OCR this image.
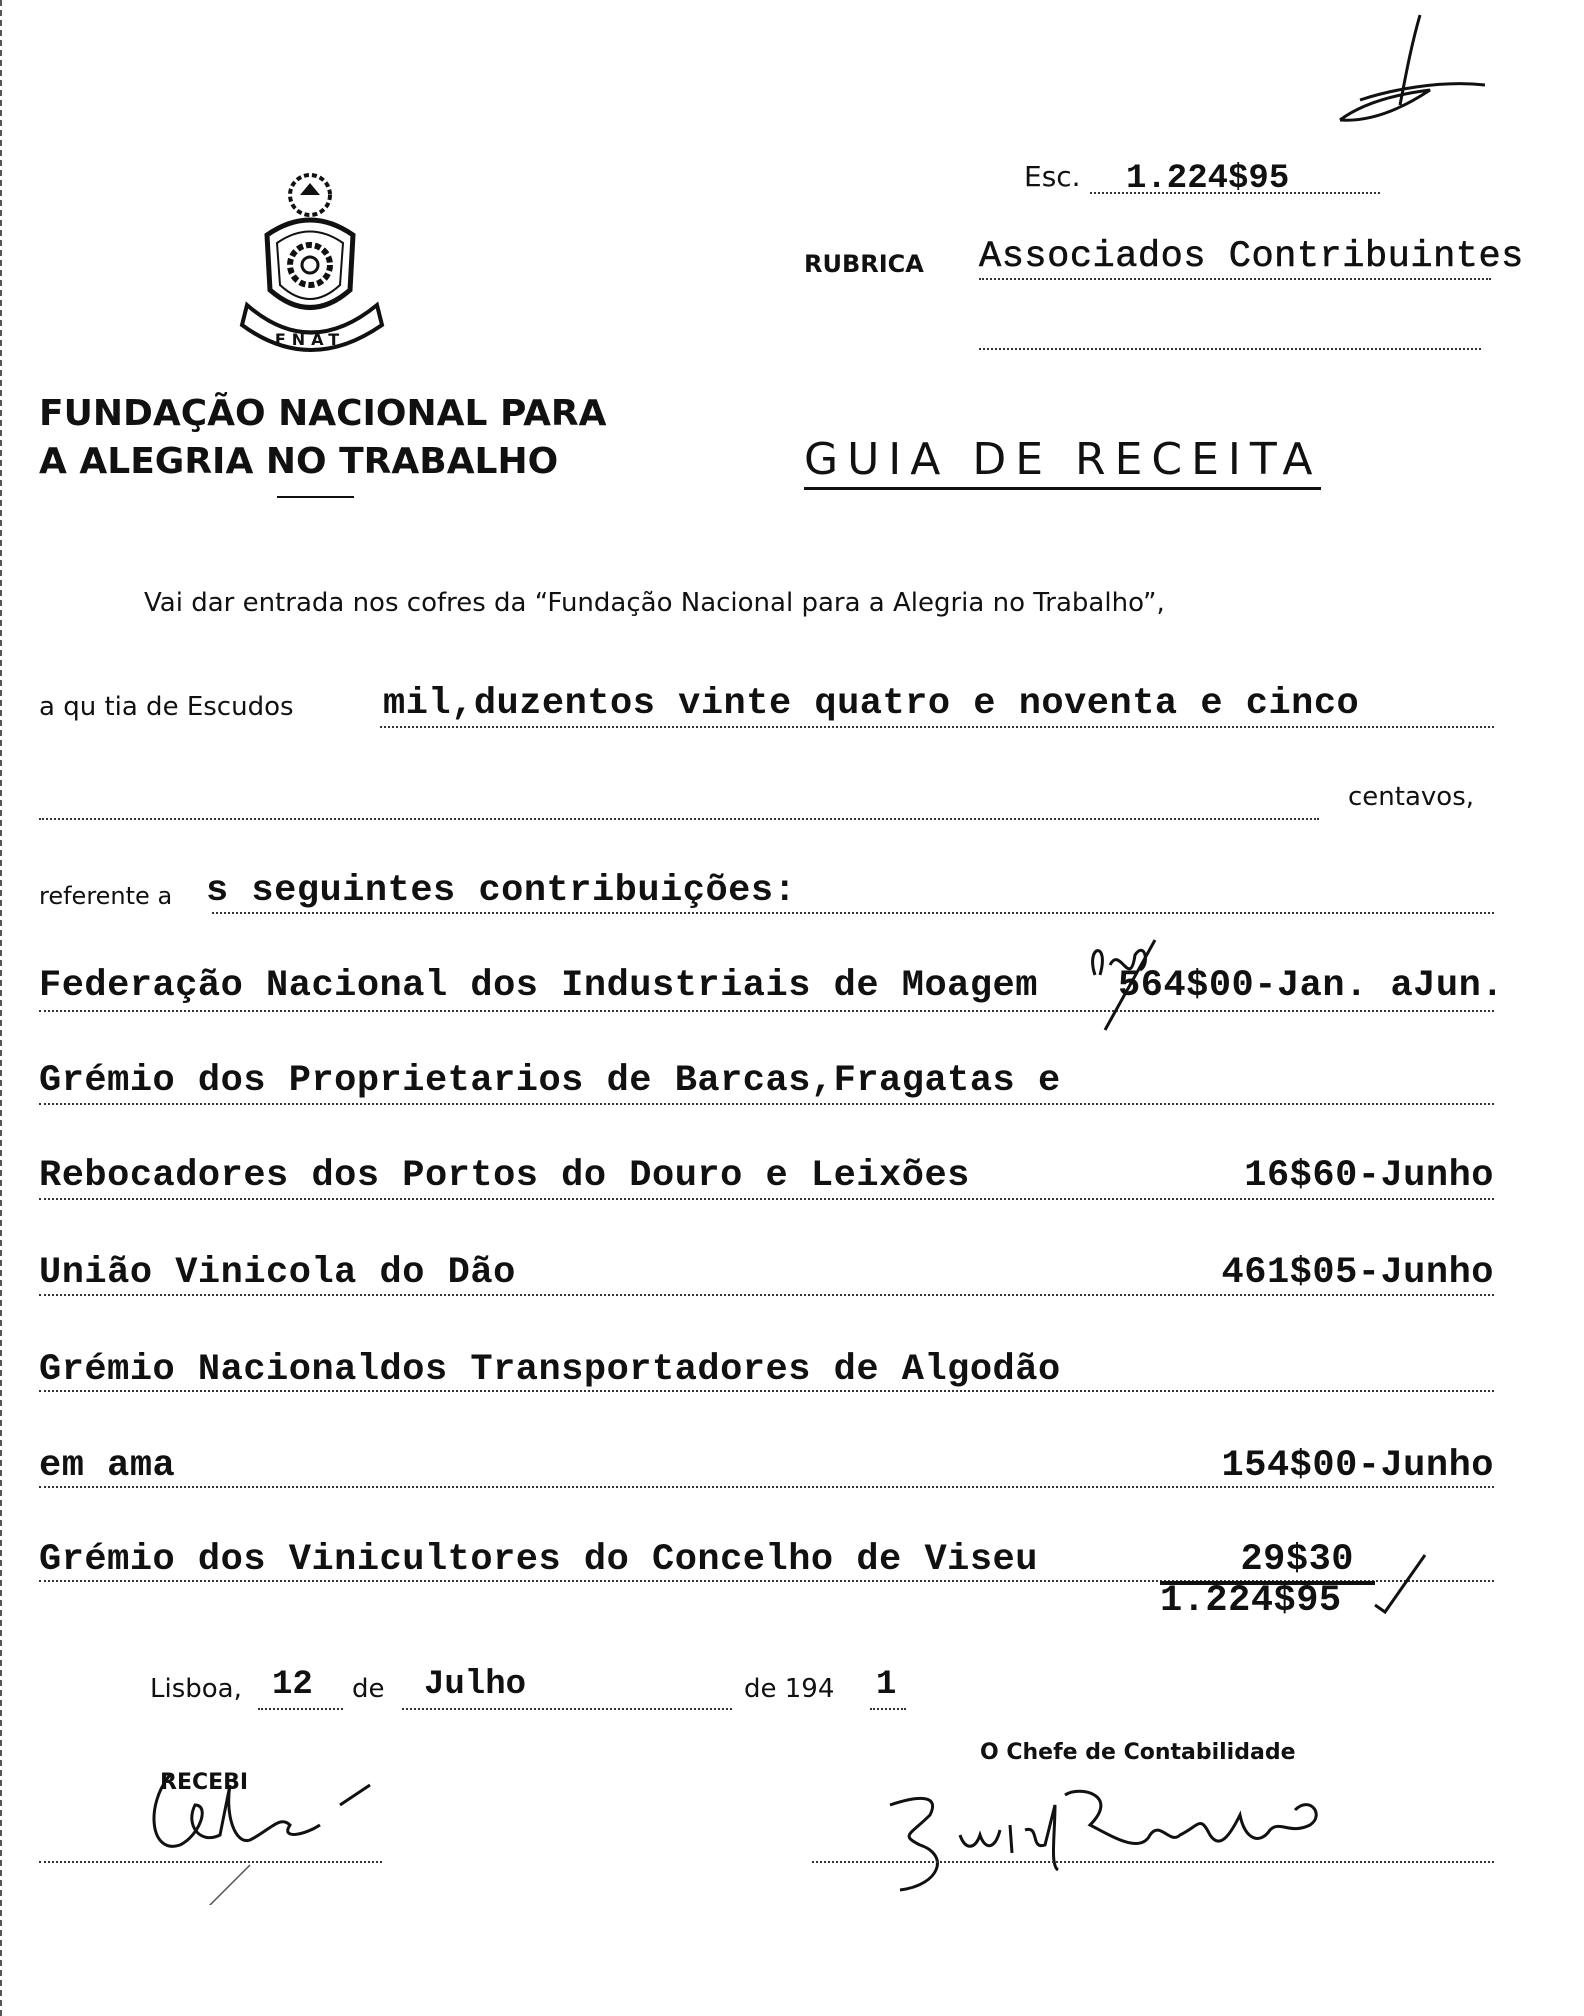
Esc. 1.224$95
RUBRICA Associados Contribuintes
FNAT
FUNDAÇÃO NACIONAL PARA
A ALEGRIA NO TRABALHO	GUIA DE RECEITA
Vai dar entrada nos cofres da “Fundação Nacional para a Alegria no Trabalho”,
a qu tia de Escudos mil,duzentos vinte quatro e noventa e cinco
centavos,
referente a s seguintes contribuições:
Federação Nacional dos Industriais de Moagem 564$00-Jan. aJun.
Grémio dos Proprietarios de Barcas,Fragatas e
Rebocadores dos Portos do Douro e Leixões	16$60-Junho
União Vinicola do Dão	461$05-Junho
Grémio Nacionaldos Transportadores de Algodão
em ama	154$00-Junho
Grémio dos Vinicultores do Concelho de Viseu	29$30
1.224$95
Lisboa, 12 de Julho	de 194 1
O Chefe de Contabilidade
RECEBI
